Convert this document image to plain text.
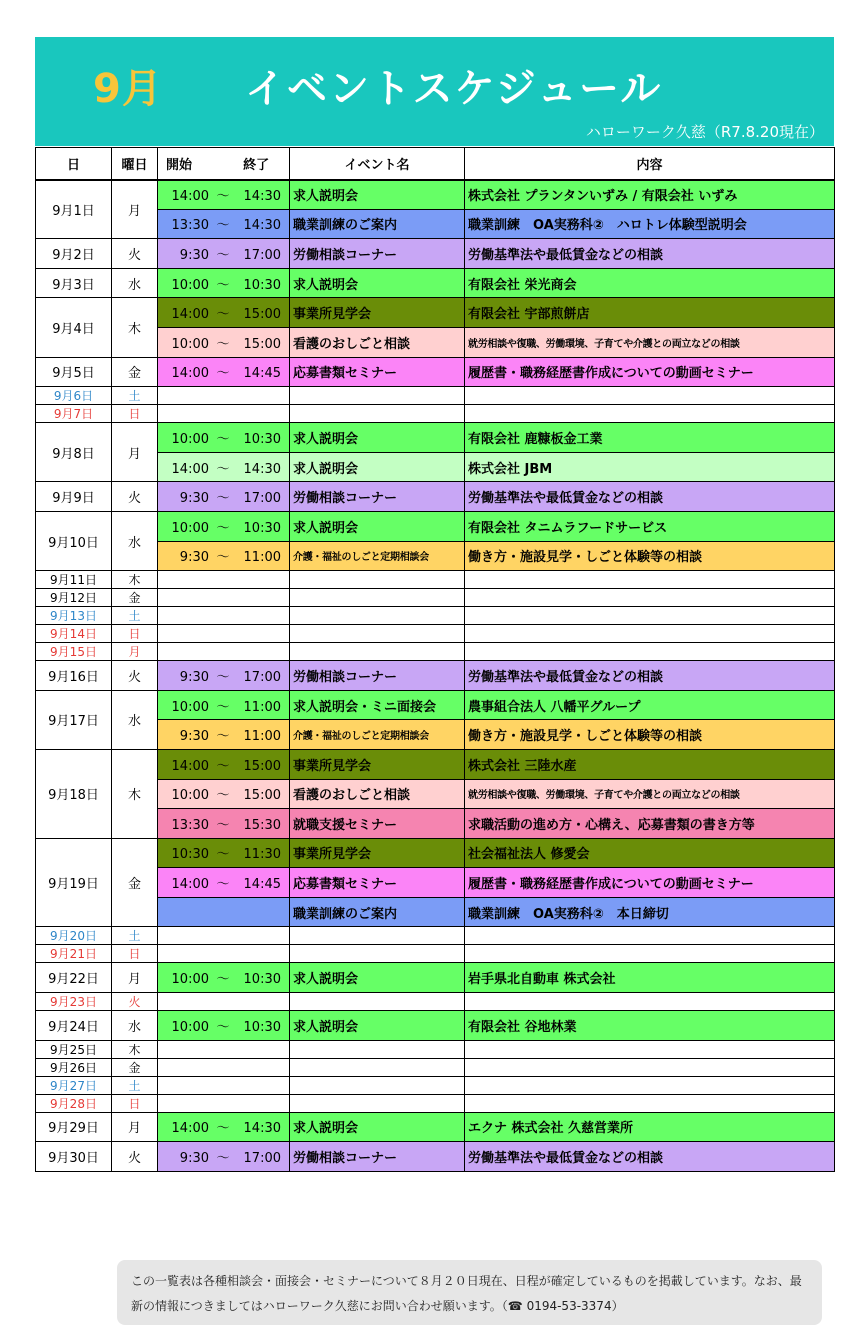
9月 イベントスケジュール
ハローワーク久慈（R7.8.20現在）
日	曜日	開始 終了	イベント名	内容
9月1日	月	14:00 ～ 14:30	求人説明会	株式会社 プランタンいずみ / 有限会社 いずみ
		13:30 ～ 14:30	職業訓練のご案内	職業訓練　OA実務科②　ハロトレ体験型説明会
9月2日	火	9:30 ～ 17:00	労働相談コーナー	労働基準法や最低賃金などの相談
9月3日	水	10:00 ～ 10:30	求人説明会	有限会社 栄光商会
9月4日	木	14:00 ～ 15:00	事業所見学会	有限会社 宇部煎餅店
		10:00 ～ 15:00	看護のおしごと相談	就労相談や復職、労働環境、子育てや介護との両立などの相談
9月5日	金	14:00 ～ 14:45	応募書類セミナー	履歴書・職務経歴書作成についての動画セミナー
9月6日	土			
9月7日	日			
9月8日	月	10:00 ～ 10:30	求人説明会	有限会社 鹿糠板金工業
		14:00 ～ 14:30	求人説明会	株式会社 JBM
9月9日	火	9:30 ～ 17:00	労働相談コーナー	労働基準法や最低賃金などの相談
9月10日	水	10:00 ～ 10:30	求人説明会	有限会社 タニムラフードサービス
		9:30 ～ 11:00	介護・福祉のしごと定期相談会	働き方・施設見学・しごと体験等の相談
9月11日	木			
9月12日	金			
9月13日	土			
9月14日	日			
9月15日	月			
9月16日	火	9:30 ～ 17:00	労働相談コーナー	労働基準法や最低賃金などの相談
9月17日	水	10:00 ～ 11:00	求人説明会・ミニ面接会	農事組合法人 八幡平グループ
		9:30 ～ 11:00	介護・福祉のしごと定期相談会	働き方・施設見学・しごと体験等の相談
9月18日	木	14:00 ～ 15:00	事業所見学会	株式会社 三陸水産
		10:00 ～ 15:00	看護のおしごと相談	就労相談や復職、労働環境、子育てや介護との両立などの相談
		13:30 ～ 15:30	就職支援セミナー	求職活動の進め方・心構え、応募書類の書き方等
9月19日	金	10:30 ～ 11:30	事業所見学会	社会福祉法人 修愛会
		14:00 ～ 14:45	応募書類セミナー	履歴書・職務経歴書作成についての動画セミナー
			職業訓練のご案内	職業訓練　OA実務科②　本日締切
9月20日	土			
9月21日	日			
9月22日	月	10:00 ～ 10:30	求人説明会	岩手県北自動車 株式会社
9月23日	火			
9月24日	水	10:00 ～ 10:30	求人説明会	有限会社 谷地林業
9月25日	木			
9月26日	金			
9月27日	土			
9月28日	日			
9月29日	月	14:00 ～ 14:30	求人説明会	エクナ 株式会社 久慈営業所
9月30日	火	9:30 ～ 17:00	労働相談コーナー	労働基準法や最低賃金などの相談
この一覧表は各種相談会・面接会・セミナーについて８月２０日現在、日程が確定しているものを掲載しています。なお、最新の情報につきましてはハローワーク久慈にお問い合わせ願います。（☎ 0194-53-3374）
